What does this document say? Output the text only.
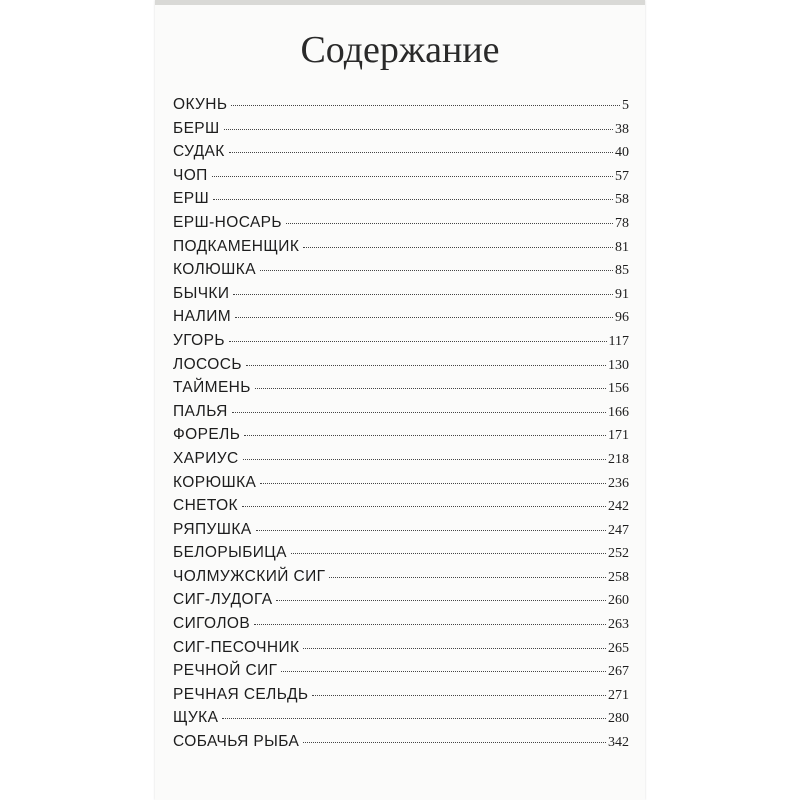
Содержание
ОКУНЬ	5
БЕРШ	38
СУДАК	40
ЧОП	57
ЕРШ	58
ЕРШ-НОСАРЬ	78
ПОДКАМЕНЩИК	81
КОЛЮШКА	85
БЫЧКИ	91
НАЛИМ	96
УГОРЬ	117
ЛОСОСЬ	130
ТАЙМЕНЬ	156
ПАЛЬЯ	166
ФОРЕЛЬ	171
ХАРИУС	218
КОРЮШКА	236
СНЕТОК	242
РЯПУШКА	247
БЕЛОРЫБИЦА	252
ЧОЛМУЖСКИЙ СИГ	258
СИГ-ЛУДОГА	260
СИГОЛОВ	263
СИГ-ПЕСОЧНИК	265
РЕЧНОЙ СИГ	267
РЕЧНАЯ СЕЛЬДЬ	271
ЩУКА	280
СОБАЧЬЯ РЫБА	342
